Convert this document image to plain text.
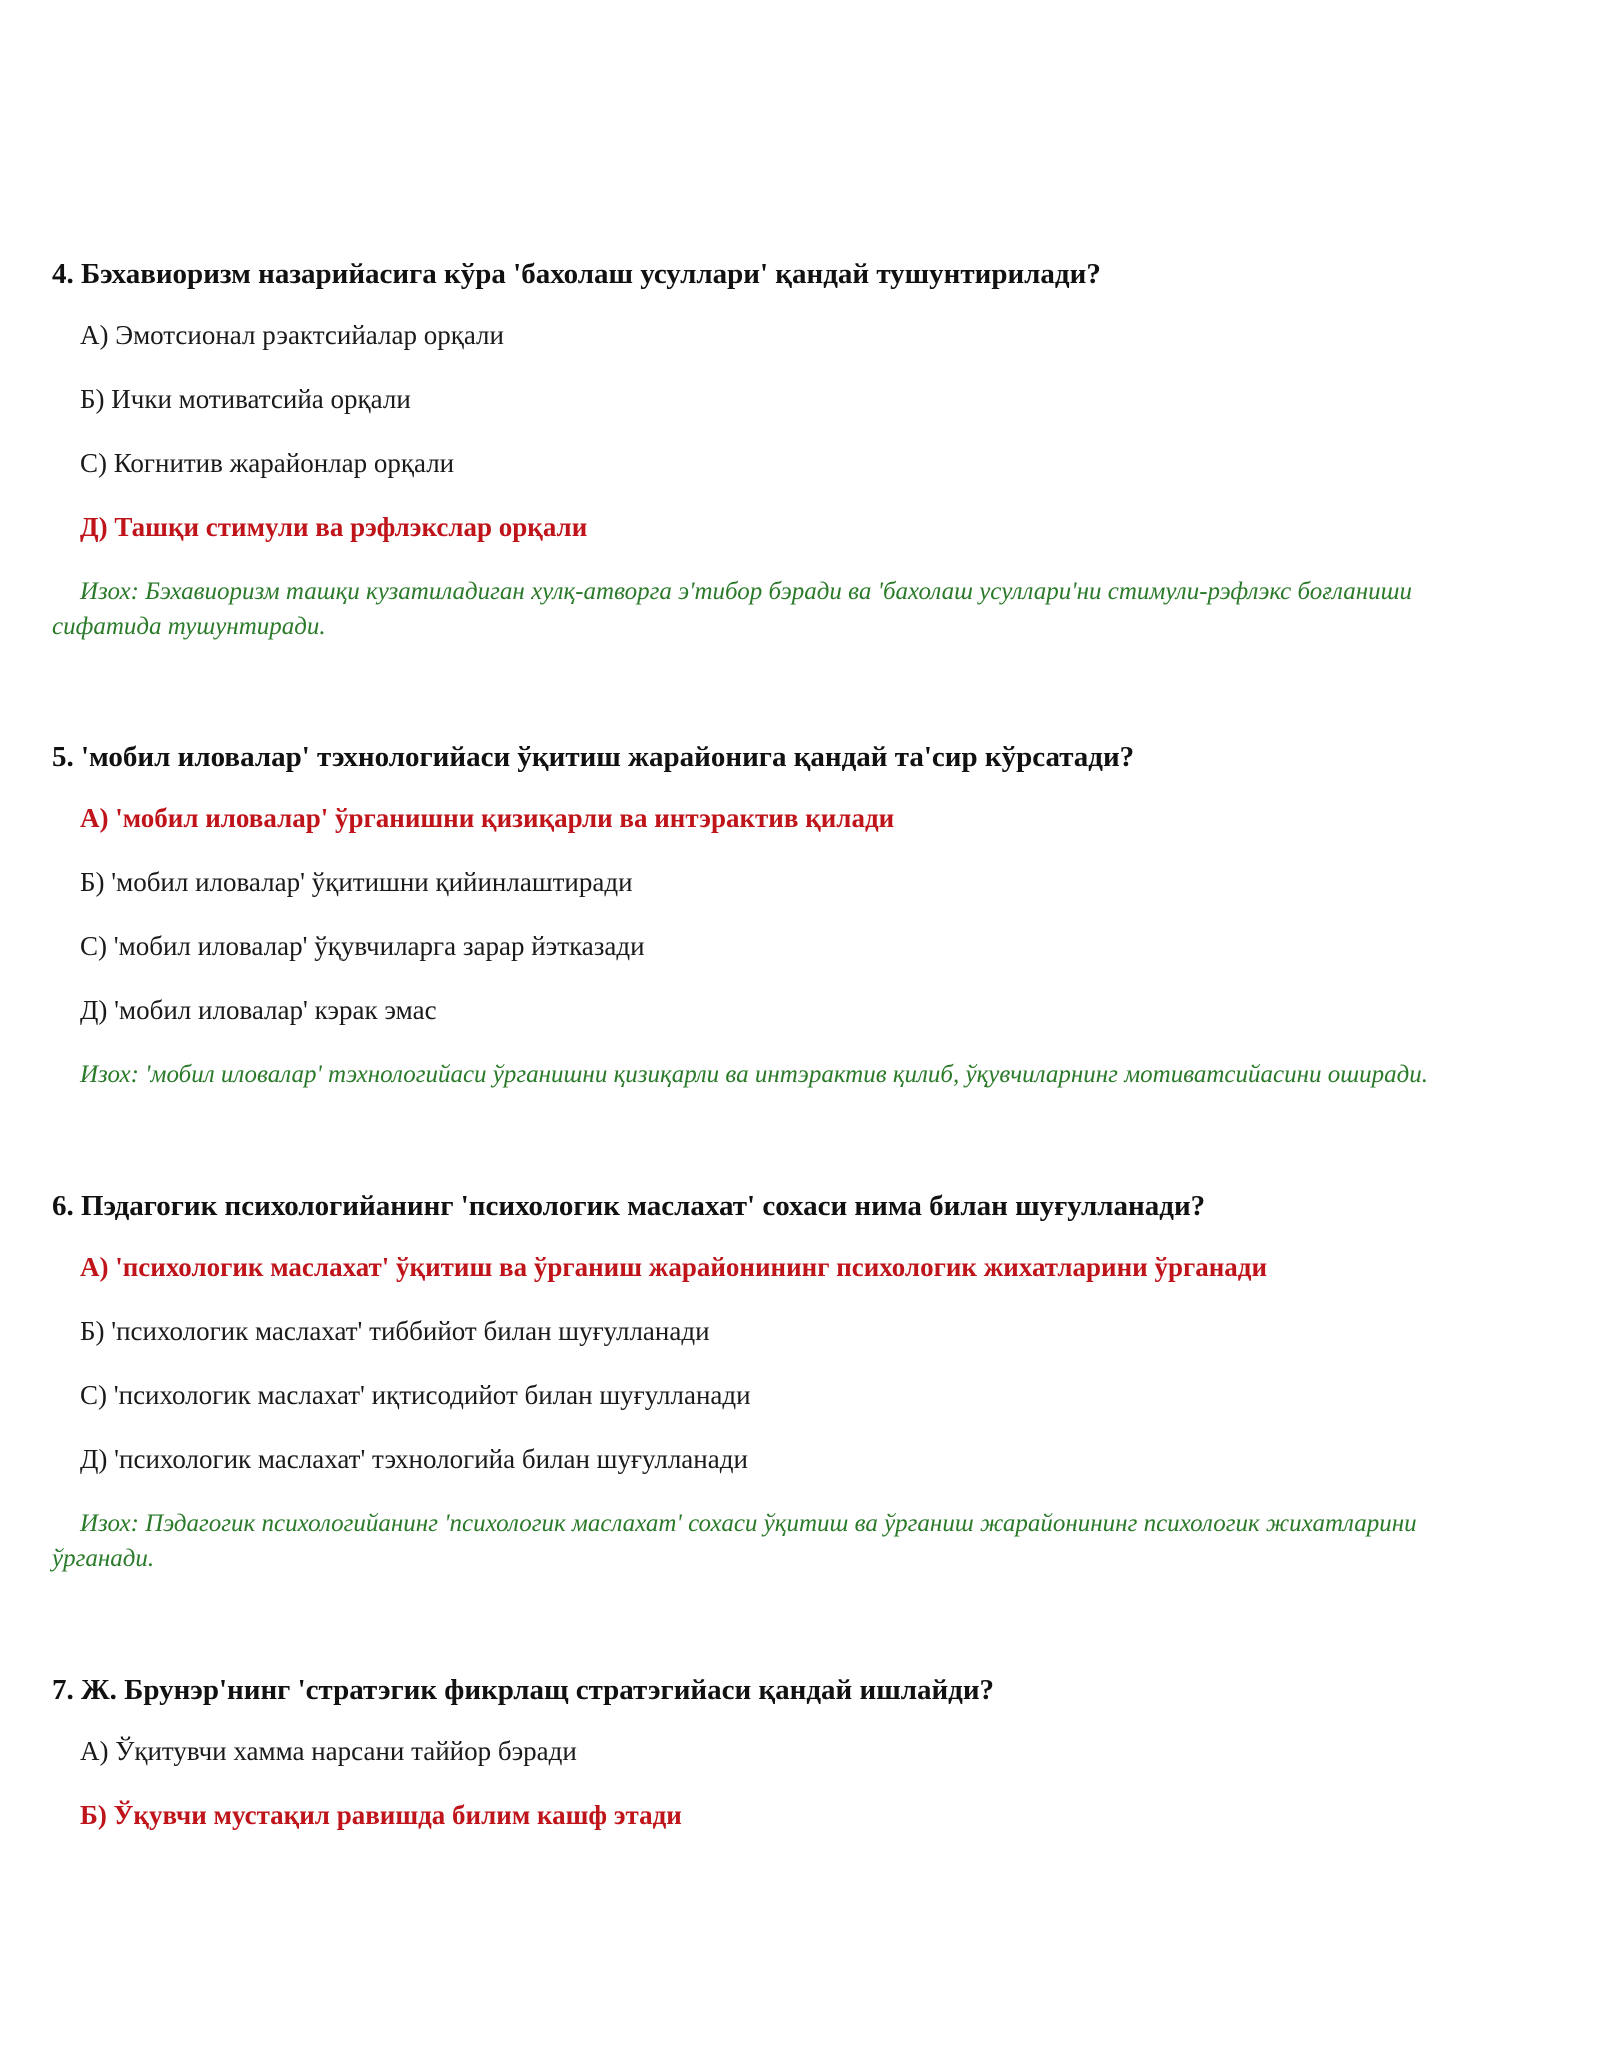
4. Бэхавиоризм назарийасига кўра 'бахолаш усуллари' қандай тушунтирилади?
А) Эмотсионал рэактсийалар орқали
Б) Ички мотиватсийа орқали
С) Когнитив жарайонлар орқали
Д) Ташқи стимули ва рэфлэкслар орқали

Изох: Бэхавиоризм ташқи кузатиладиган хулқ-атворга э'тибор бэради ва 'бахолаш усуллари'ни стимули-рэфлэкс боғланиши сифатида тушунтиради.

5. 'мобил иловалар' тэхнологийаси ўқитиш жарайонига қандай та'сир кўрсатади?
А) 'мобил иловалар' ўрганишни қизиқарли ва интэрактив қилади
Б) 'мобил иловалар' ўқитишни қийинлаштиради
С) 'мобил иловалар' ўқувчиларга зарар йэтказади
Д) 'мобил иловалар' кэрак эмас

Изох: 'мобил иловалар' тэхнологийаси ўрганишни қизиқарли ва интэрактив қилиб, ўқувчиларнинг мотиватсийасини оширади.

6. Пэдагогик психологийанинг 'психологик маслахат' сохаси нима билан шуғулланади?
А) 'психологик маслахат' ўқитиш ва ўрганиш жарайонининг психологик жихатларини ўрганади
Б) 'психологик маслахат' тиббийот билан шуғулланади
С) 'психологик маслахат' иқтисодийот билан шуғулланади
Д) 'психологик маслахат' тэхнологийа билан шуғулланади

Изох: Пэдагогик психологийанинг 'психологик маслахат' сохаси ўқитиш ва ўрганиш жарайонининг психологик жихатларини ўрганади.

7. Ж. Брунэр'нинг 'стратэгик фикрлащ стратэгийаси қандай ишлайди?
А) Ўқитувчи хамма нарсани таййор бэради
Б) Ўқувчи мустақил равишда билим кашф этади
